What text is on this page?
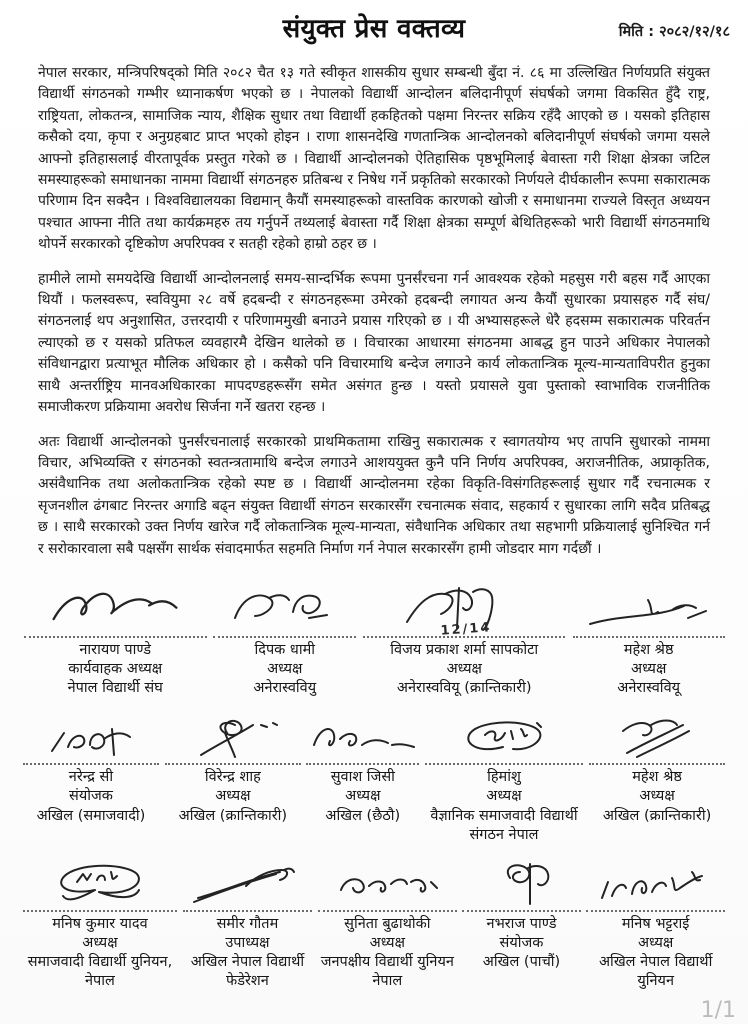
संयुक्त प्रेस वक्तव्य	मिति : २०८२/१२/१८

नेपाल सरकार, मन्त्रिपरिषद्को मिति २०८२ चैत १३ गते स्वीकृत शासकीय सुधार सम्बन्धी बुँदा नं. ८६ मा उल्लिखित निर्णयप्रति संयुक्त विद्यार्थी संगठनको गम्भीर ध्यानाकर्षण भएको छ । नेपालको विद्यार्थी आन्दोलन बलिदानीपूर्ण संघर्षको जगमा विकसित हुँदै राष्ट्र, राष्ट्रियता, लोकतन्त्र, सामाजिक न्याय, शैक्षिक सुधार तथा विद्यार्थी हकहितको पक्षमा निरन्तर सक्रिय रहँदै आएको छ । यसको इतिहास कसैको दया, कृपा र अनुग्रहबाट प्राप्त भएको होइन । राणा शासनदेखि गणतान्त्रिक आन्दोलनको बलिदानीपूर्ण संघर्षको जगमा यसले आफ्नो इतिहासलाई वीरतापूर्वक प्रस्तुत गरेको छ । विद्यार्थी आन्दोलनको ऐतिहासिक पृष्ठभूमिलाई बेवास्ता गरी शिक्षा क्षेत्रका जटिल समस्याहरूको समाधानका नाममा विद्यार्थी संगठनहरु प्रतिबन्ध र निषेध गर्ने प्रकृतिको सरकारको निर्णयले दीर्घकालीन रूपमा सकारात्मक परिणाम दिन सक्दैन । विश्वविद्यालयका विद्यमान् कैयौं समस्याहरूको वास्तविक कारणको खोजी र समाधानमा राज्यले विस्तृत अध्ययन पश्चात आफ्ना नीति तथा कार्यक्रमहरु तय गर्नुपर्ने तथ्यलाई बेवास्ता गर्दै शिक्षा क्षेत्रका सम्पूर्ण बेथितिहरूको भारी विद्यार्थी संगठनमाथि थोपर्ने सरकारको दृष्टिकोण अपरिपक्व र सतही रहेको हाम्रो ठहर छ ।

हामीले लामो समयदेखि विद्यार्थी आन्दोलनलाई समय-सान्दर्भिक रूपमा पुनर्संरचना गर्न आवश्यक रहेको महसुस गरी बहस गर्दै आएका थियौं । फलस्वरूप, स्ववियुमा २८ वर्षे हदबन्दी र संगठनहरूमा उमेरको हदबन्दी लगायत अन्य कैयौं सुधारका प्रयासहरु गर्दै संघ/संगठनलाई थप अनुशासित, उत्तरदायी र परिणाममुखी बनाउने प्रयास गरिएको छ । यी अभ्यासहरूले धेरै हदसम्म सकारात्मक परिवर्तन ल्याएको छ र यसको प्रतिफल व्यवहारमै देखिन थालेको छ । विचारका आधारमा संगठनमा आबद्ध हुन पाउने अधिकार नेपालको संविधानद्वारा प्रत्याभूत मौलिक अधिकार हो । कसैको पनि विचारमाथि बन्देज लगाउने कार्य लोकतान्त्रिक मूल्य-मान्यताविपरीत हुनुका साथै अन्तर्राष्ट्रिय मानवअधिकारका मापदण्डहरूसँग समेत असंगत हुन्छ । यस्तो प्रयासले युवा पुस्ताको स्वाभाविक राजनीतिक समाजीकरण प्रक्रियामा अवरोध सिर्जना गर्ने खतरा रहन्छ ।

अतः विद्यार्थी आन्दोलनको पुनर्संरचनालाई सरकारको प्राथमिकतामा राखिनु सकारात्मक र स्वागतयोग्य भए तापनि सुधारको नाममा विचार, अभिव्यक्ति र संगठनको स्वतन्त्रतामाथि बन्देज लगाउने आशययुक्त कुनै पनि निर्णय अपरिपक्व, अराजनीतिक, अप्राकृतिक, असंवैधानिक तथा अलोकतान्त्रिक रहेको स्पष्ट छ । विद्यार्थी आन्दोलनमा रहेका विकृति-विसंगतिहरूलाई सुधार गर्दै रचनात्मक र सृजनशील ढंगबाट निरन्तर अगाडि बढ्न संयुक्त विद्यार्थी संगठन सरकारसँग रचनात्मक संवाद, सहकार्य र सुधारका लागि सदैव प्रतिबद्ध छ । साथै सरकारको उक्त निर्णय खारेज गर्दै लोकतान्त्रिक मूल्य-मान्यता, संवैधानिक अधिकार तथा सहभागी प्रक्रियालाई सुनिश्चित गर्न र सरोकारवाला सबै पक्षसँग सार्थक संवादमार्फत सहमति निर्माण गर्न नेपाल सरकारसँग हामी जोडदार माग गर्दछौं ।

नारायण पाण्डे
कार्यवाहक अध्यक्ष
नेपाल विद्यार्थी संघ
दिपक धामी
अध्यक्ष
अनेरास्ववियु
12/14
विजय प्रकाश शर्मा सापकोटा
अध्यक्ष
अनेरास्ववियू (क्रान्तिकारी)
महेश श्रेष्ठ
अध्यक्ष
अनेरास्ववियू
नरेन्द्र सी
संयोजक
अखिल (समाजवादी)
विरेन्द्र शाह
अध्यक्ष
अखिल (क्रान्तिकारी)
सुवाश जिसी
अध्यक्ष
अखिल (छैठौ)
हिमांशु
अध्यक्ष
वैज्ञानिक समाजवादी विद्यार्थी संगठन नेपाल
महेश श्रेष्ठ
अध्यक्ष
अखिल (क्रान्तिकारी)
मनिष कुमार यादव
अध्यक्ष
समाजवादी विद्यार्थी युनियन, नेपाल
समीर गौतम
उपाध्यक्ष
अखिल नेपाल विद्यार्थी फेडेरेशन
सुनिता बुढाथोकी
अध्यक्ष
जनपक्षीय विद्यार्थी युनियन नेपाल
नभराज पाण्डे
संयोजक
अखिल (पाचौं)
मनिष भट्टराई
अध्यक्ष
अखिल नेपाल विद्यार्थी युनियन
1/1
